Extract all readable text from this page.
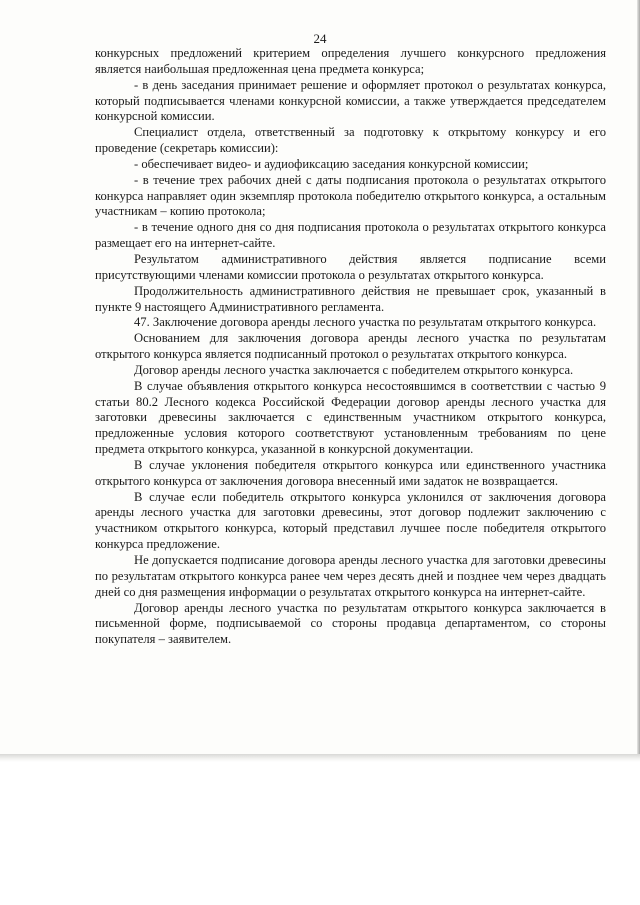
24

конкурсных предложений критерием определения лучшего конкурсного предложения является наибольшая предложенная цена предмета конкурса;

- в день заседания принимает решение и оформляет протокол о результатах конкурса, который подписывается членами конкурсной комиссии, а также утверждается председателем конкурсной комиссии.

Специалист отдела, ответственный за подготовку к открытому конкурсу и его проведение (секретарь комиссии):

- обеспечивает видео- и аудиофиксацию заседания конкурсной комиссии;

- в течение трех рабочих дней с даты подписания протокола о результатах открытого конкурса направляет один экземпляр протокола победителю открытого конкурса, а остальным участникам – копию протокола;

- в течение одного дня со дня подписания протокола о результатах открытого конкурса размещает его на интернет-сайте.

Результатом административного действия является подписание всеми присутствующими членами комиссии протокола о результатах открытого конкурса.

Продолжительность административного действия не превышает срок, указанный в пункте 9 настоящего Административного регламента.

47. Заключение договора аренды лесного участка по результатам открытого конкурса.

Основанием для заключения договора аренды лесного участка по результатам открытого конкурса является подписанный протокол о результатах открытого конкурса.

Договор аренды лесного участка заключается с победителем открытого конкурса.

В случае объявления открытого конкурса несостоявшимся в соответствии с частью 9 статьи 80.2 Лесного кодекса Российской Федерации договор аренды лесного участка для заготовки древесины заключается с единственным участником открытого конкурса, предложенные условия которого соответствуют установленным требованиям по цене предмета открытого конкурса, указанной в конкурсной документации.

В случае уклонения победителя открытого конкурса или единственного участника открытого конкурса от заключения договора внесенный ими задаток не возвращается.

В случае если победитель открытого конкурса уклонился от заключения договора аренды лесного участка для заготовки древесины, этот договор подлежит заключению с участником открытого конкурса, который представил лучшее после победителя открытого конкурса предложение.

Не допускается подписание договора аренды лесного участка для заготовки древесины по результатам открытого конкурса ранее чем через десять дней и позднее чем через двадцать дней со дня размещения информации о результатах открытого конкурса на интернет-сайте.

Договор аренды лесного участка по результатам открытого конкурса заключается в письменной форме, подписываемой со стороны продавца департаментом, со стороны покупателя – заявителем.
